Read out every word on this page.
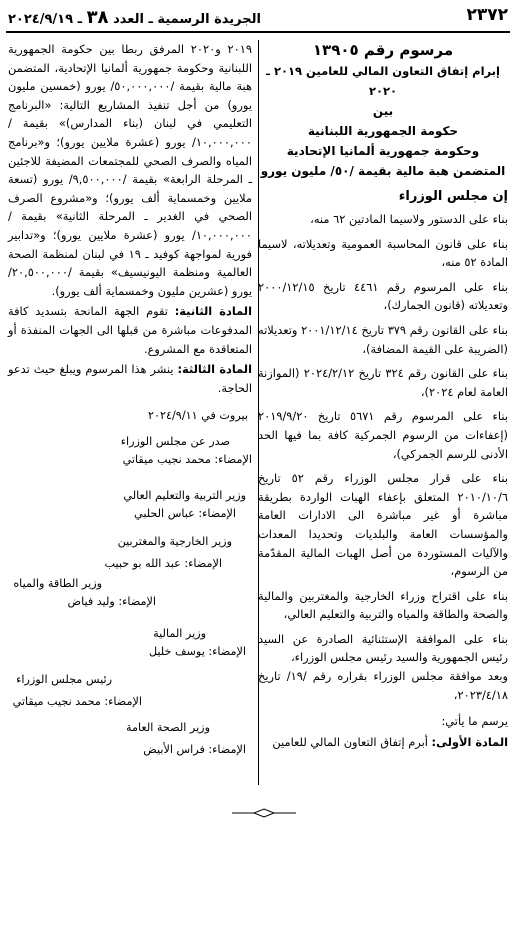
٢٣٧٢
الجريدة الرسمية ـ العدد ٣٨ ـ ٢٠٢٤/٩/١٩

مرسوم رقم ١٣٩٠٥

إبرام إتفاق التعاون المالي للعامين ٢٠١٩ ـ ٢٠٢٠

بين

حكومة الجمهورية اللبنانية

وحكومة جمهورية ألمانيا الإتحادية

المتضمن هبة مالية بقيمة /٥٠/ مليون يورو

إن مجلس الوزراء

بناء على الدستور ولاسيما المادتين ٦٢ منه،

بناء على قانون المحاسبة العمومية وتعديلاته، لاسيما المادة ٥٢ منه،

بناء على المرسوم رقم ٤٤٦١ تاريخ ٢٠٠٠/١٢/١٥ وتعديلاته (قانون الجمارك)،

بناء على القانون رقم ٣٧٩ تاريخ ٢٠٠١/١٢/١٤ وتعديلاته (الضريبة على القيمة المضافة)،

بناء على القانون رقم ٣٢٤ تاريخ ٢٠٢٤/٢/١٢ (الموازنة العامة لعام ٢٠٢٤)،

بناء على المرسوم رقم ٥٦٧١ تاريخ ٢٠١٩/٩/٢٠ (إعفاءات من الرسوم الجمركية كافة بما فيها الحد الأدنى للرسم الجمركي)،

بناء على قرار مجلس الوزراء رقم ٥٢ تاريخ ٢٠١٠/١٠/٦ المتعلق بإعفاء الهبات الواردة بطريقة مباشرة أو غير مباشرة الى الادارات العامة والمؤسسات العامة والبلديات وتحديدا المعدات والآليات المستوردة من أصل الهبات المالية المقدّمة من الرسوم،

بناء على اقتراح وزراء الخارجية والمغتربين والمالية والصحة والطاقة والمياه والتربية والتعليم العالي،

بناء على الموافقة الإستثنائية الصادرة عن السيد رئيس الجمهورية والسيد رئيس مجلس الوزراء،

وبعد موافقة مجلس الوزراء بقراره رقم /١٩/ تاريخ ٢٠٢٣/٤/١٨،

يرسم ما يأتي:

المادة الأولى: أبرم إتفاق التعاون المالي للعامين

٢٠١٩ و٢٠٢٠ المرفق ربطا بين حكومة الجمهورية اللبنانية وحكومة جمهورية ألمانيا الإتحادية، المتضمن هبة مالية بقيمة /٥٠,٠٠٠,٠٠٠/ يورو (خمسين مليون يورو) من أجل تنفيذ المشاريع التالية: «البرنامج التعليمي في لبنان (بناء المدارس)» بقيمة /١٠,٠٠٠,٠٠٠/ يورو (عشرة ملايين يورو)؛ و«برنامج المياه والصرف الصحي للمجتمعات المضيفة للاجئين ـ المرحلة الرابعة» بقيمة /٩,٥٠٠,٠٠٠/ يورو (تسعة ملايين وخمسماية ألف يورو)؛ و«مشروع الصرف الصحي في الغدير ـ المرحلة الثانية» بقيمة /١٠,٠٠٠,٠٠٠/ يورو (عشرة ملايين يورو)؛ و«تدابير فورية لمواجهة كوفيد ـ ١٩ في لبنان لمنظمة الصحة العالمية ومنظمة اليونيسيف» بقيمة /٢٠,٥٠٠,٠٠٠/ يورو (عشرين مليون وخمسماية ألف يورو).

المادة الثانية: تقوم الجهة المانحة بتسديد كافة المدفوعات مباشرة من قبلها الى الجهات المنفذة أو المتعاقدة مع المشروع.

المادة الثالثة: ينشر هذا المرسوم ويبلغ حيث تدعو الحاجة.

بيروت في ٢٠٢٤/٩/١١

صدر عن مجلس الوزراء

الإمضاء: محمد نجيب ميقاتي

وزير التربية والتعليم العالي

الإمضاء: عباس الحلبي

وزير الخارجية والمغتربين

الإمضاء: عبد الله بو حبيب

وزير الطاقة والمياه

الإمضاء: وليد فياض

وزير المالية

الإمضاء: يوسف خليل

رئيس مجلس الوزراء

الإمضاء: محمد نجيب ميقاتي

وزير الصحة العامة

الإمضاء: فراس الأبيض
